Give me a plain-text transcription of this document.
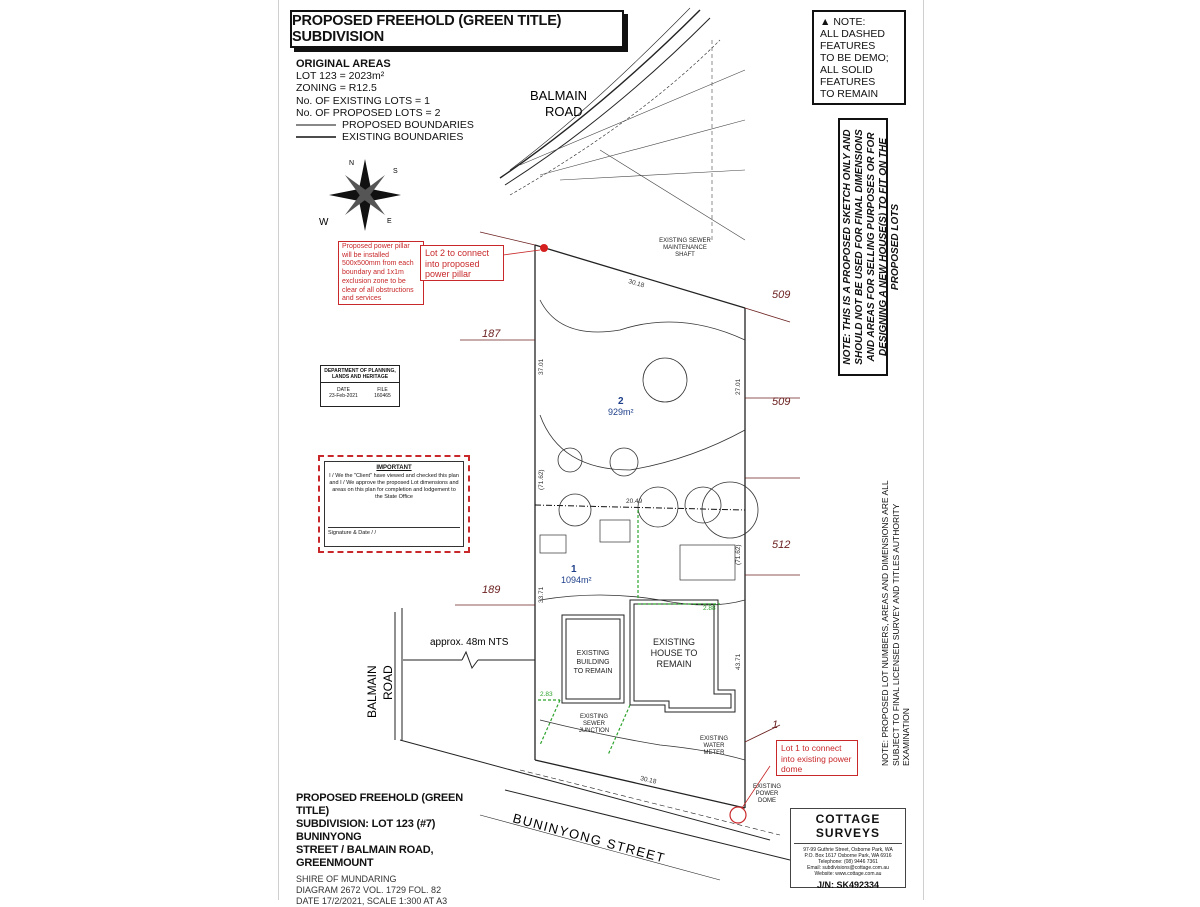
PROPOSED FREEHOLD (GREEN TITLE) SUBDIVISION
ORIGINAL AREAS
LOT 123 = 2023m²
ZONING = R12.5
No. OF EXISTING LOTS = 1
No. OF PROPOSED LOTS = 2
PROPOSED BOUNDARIES
EXISTING BOUNDARIES
▲ NOTE:
ALL DASHED
FEATURES
TO BE DEMO;
ALL SOLID
FEATURES
TO REMAIN
NOTE: THIS IS A PROPOSED SKETCH ONLY AND SHOULD NOT BE USED FOR FINAL DIMENSIONS AND AREAS FOR SELLING PURPOSES OR FOR DESIGNING A NEW HOUSE(S) TO FIT ON THE PROPOSED LOTS
NOTE: PROPOSED LOT NUMBERS, AREAS AND DIMENSIONS ARE ALL SUBJECT TO FINAL LICENSED SURVEY AND TITLES AUTHORITY EXAMINATION
N
S
W	E
BALMAIN
ROAD
BALMAIN ROAD
BUNINYONG STREET
approx. 48m NTS
2
929m²
1
1094m²
187
509
509
512
189
1
30.18
30.18
37.01
27.01
(71.62)
(71.62)
20.49
33.71
43.71
2.83
2.88
EXISTING SEWER
MAINTENANCE
SHAFT
EXISTING
BUILDING
TO REMAIN
EXISTING
HOUSE TO
REMAIN
EXISTING
SEWER
JUNCTION
EXISTING
WATER
METER
EXISTING
POWER
DOME
Proposed power pillar
will be installed
500x500mm from each
boundary and 1x1m
exclusion zone to be
clear of all obstructions
and services
Lot 2 to connect
into proposed
power pillar
Lot 1 to connect
into existing power
dome
DEPARTMENT OF PLANNING, LANDS AND HERITAGE
DATE
23-Feb-2021
FILE
160465
IMPORTANT
I / We the "Client" have viewed and checked this plan and I / We approve the proposed Lot dimensions and areas on this plan for completion and lodgement to the State Office
Signature & Date / /
PROPOSED FREEHOLD (GREEN TITLE)
SUBDIVISION: LOT 123 (#7) BUNINYONG
STREET / BALMAIN ROAD, GREENMOUNT
SHIRE OF MUNDARING
DIAGRAM 2672 VOL. 1729 FOL. 82
DATE 17/2/2021, SCALE 1:300 AT A3
COTTAGE SURVEYS
97-99 Guthrie Street, Osborne Park, WA
P.O. Box 1617 Osborne Park, WA 6916
Telephone: (08) 9446 7361
Email: subdivisions@cottage.com.au
Website: www.cottage.com.au
J/N: SK492334
